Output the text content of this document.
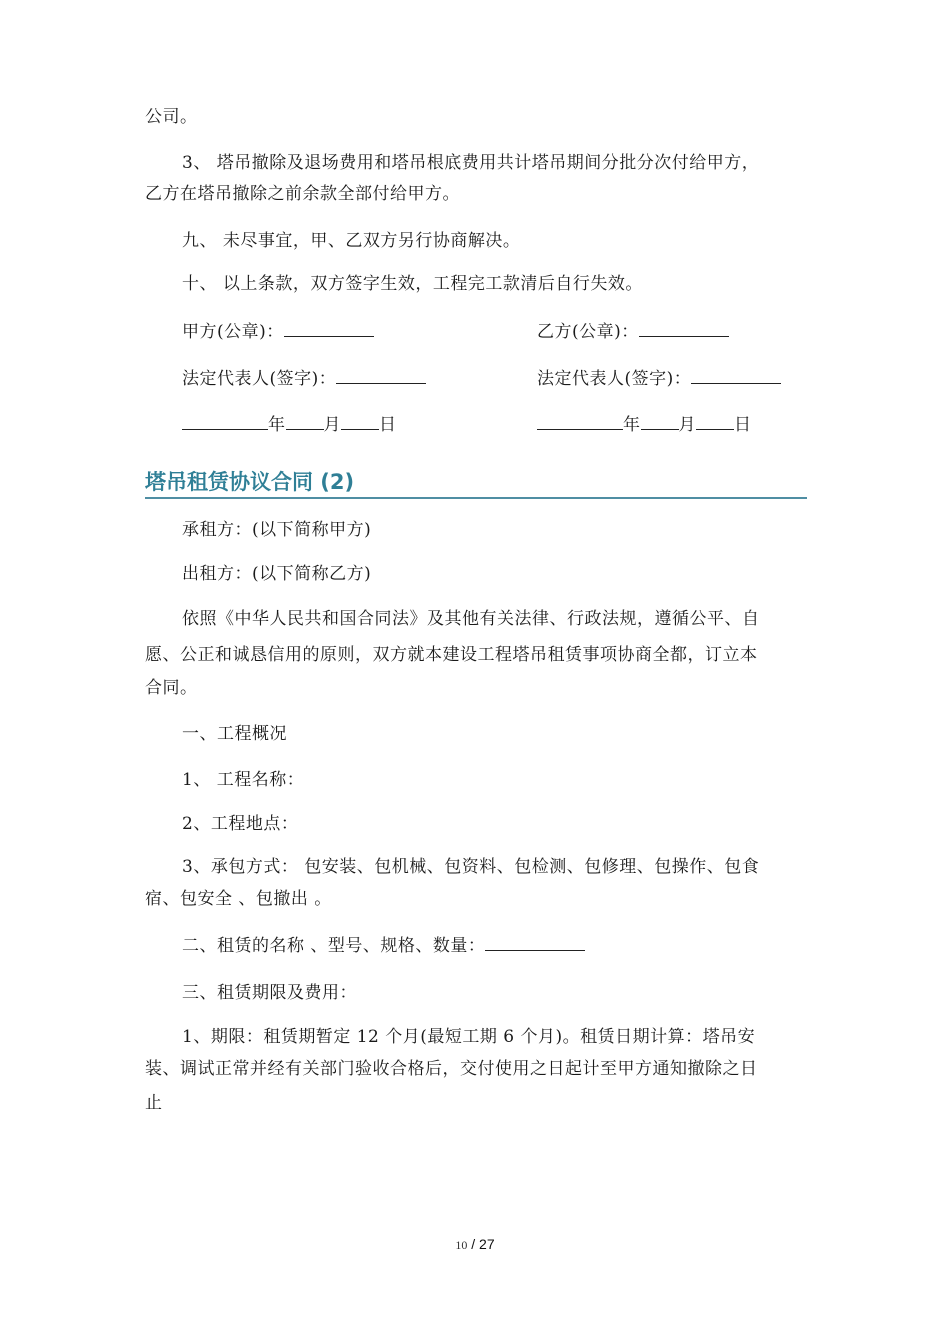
公司。
3、 塔吊撤除及退场费用和塔吊根底费用共计塔吊期间分批分次付给甲方，
乙方在塔吊撤除之前余款全部付给甲方。
九、 未尽事宜，甲、乙双方另行协商解决。
十、 以上条款，双方签字生效，工程完工款清后自行失效。
甲方(公章)：	乙方(公章)：
法定代表人(签字)：	法定代表人(签字)：
年 月 日	年 月 日
塔吊租赁协议合同 (2)
承租方：(以下简称甲方)
出租方：(以下简称乙方)
依照《中华人民共和国合同法》及其他有关法律、行政法规，遵循公平、自
愿、公正和诚恳信用的原则，双方就本建设工程塔吊租赁事项协商全都，订立本
合同。
一、工程概况
1、 工程名称：
2、工程地点：
3、承包方式： 包安装、包机械、包资料、包检测、包修理、包操作、包食
宿、包安全 、包撤出 。
二、租赁的名称 、型号、规格、数量：
三、租赁期限及费用：
1、期限：租赁期暂定 12 个月(最短工期 6 个月)。租赁日期计算：塔吊安
装、调试正常并经有关部门验收合格后，交付使用之日起计至甲方通知撤除之日
止
10 / 27
